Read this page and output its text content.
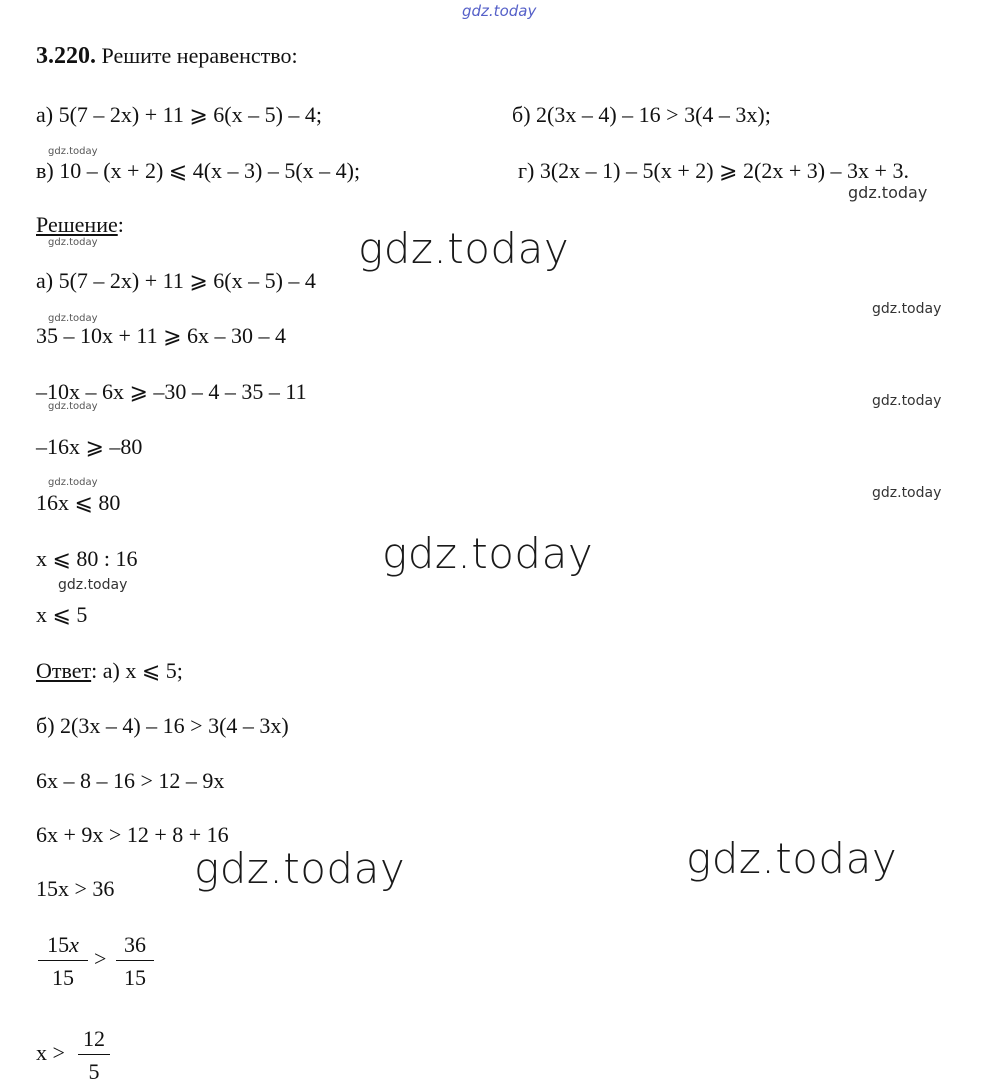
gdz.today
3.220. Решите неравенство:
а) 5(7 – 2x) + 11 ⩾ 6(x – 5) – 4;	б) 2(3x – 4) – 16 > 3(4 – 3x);
gdz.today
в) 10 – (x + 2) ⩽ 4(x – 3) – 5(x – 4);	г) 3(2x – 1) – 5(x + 2) ⩾ 2(2x + 3) – 3x + 3.
gdz.today
Решение:
gdz.today	gdz.today
а) 5(7 – 2x) + 11 ⩾ 6(x – 5) – 4
gdz.today
gdz.today
35 – 10x + 11 ⩾ 6x – 30 – 4
–10x – 6x ⩾ –30 – 4 – 35 – 11
gdz.today	gdz.today
–16x ⩾ –80
gdz.today
gdz.today
16x ⩽ 80
x ⩽ 80 : 16	gdz.today
gdz.today
x ⩽ 5
Ответ: а) x ⩽ 5;
б) 2(3x – 4) – 16 > 3(4 – 3x)
6x – 8 – 16 > 12 – 9x
6x + 9x > 12 + 8 + 16
gdz.today	gdz.today
15x > 36
$\frac{15x}{15} > \frac{36}{15}$
$x > \frac{12}{5}$
